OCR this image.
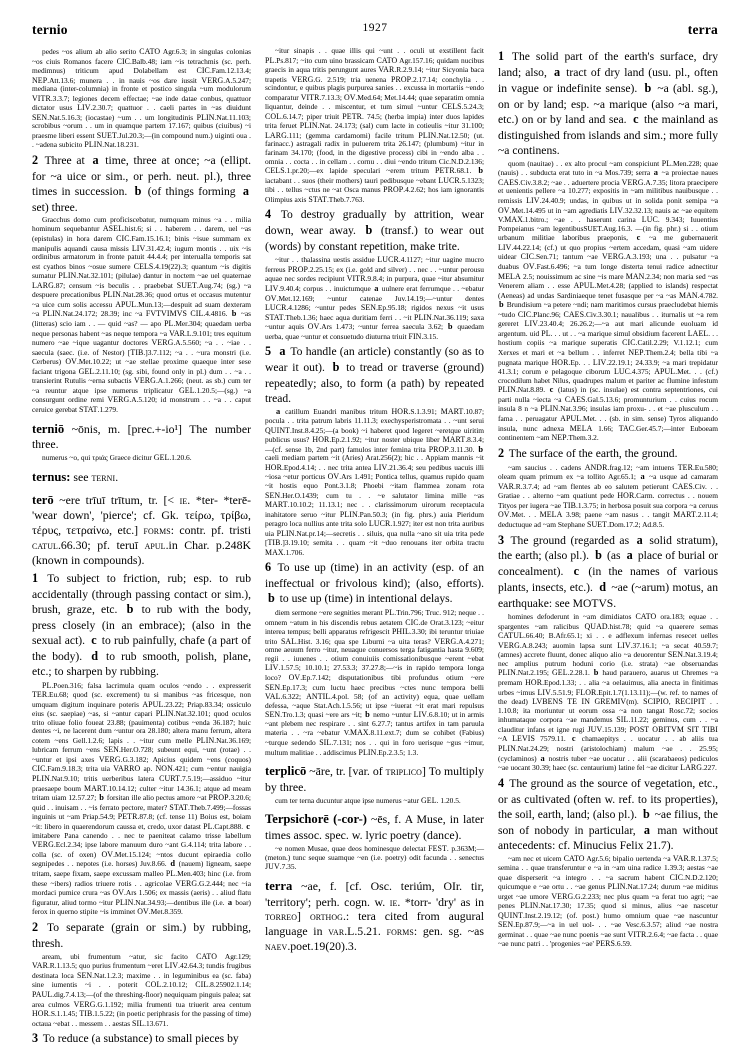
ternio	1927	terra

pedes ~os alium ab alio serito CATO Agr.6.3; in singulas colonias ~os ciuis Romanos facere CIC.Balb.48; iam ~is tetrachmis (sc. perh. medimnus) triticum apud Dolabellam est CIC.Fam.12.13.4; NEP.Att.13.6; munera . . in nauis ~os dare iussit VERG.A.5.247; mediana (inter-columnia) in fronte et postico singula ~um modulorum VITR.3.3.7; legiones decem effectae; ~ae inde datae conbus, quattuor dictator usus LIV.2.30.7; quattuor . . caeli partes in ~as diuidunt SEN.Nat.5.16.3; (iocastae) ~um . . um longitudinis PLIN.Nat.11.103; scrobibus ~orum . . um in quamque partem 17.167; quibus (ciuibus) ~i praesme liberi essent SUET.Jul.20.3;—(in compound num.) uiginti oua . . ~adena subicito PLIN.Nat.18.231.

2 Three at a time, three at once; ~a (ellipt. for ~a uice or sim., or perh. neut. pl.), three times in succession. b (of things forming a set) three.

Gracchus domo cum proficiscebatur, numquam minus ~a . . milia hominum sequebantur ASEL.hist.6; si . . haberem . . darem, uel ~as (epistulas) in hora darem CIC.Fam.15.16.1; binis ~isue summam ex manipulis aquandi causa missis LIV.31.42.4; iugum montis . . uix ~is ordinibus armatorum in fronte patuit 44.4.4; per interualla temporis sat est cyathos binos ~osue sumere CELS.4.19(22).3; quantum ~is digitis sumatur PLIN.Nat.32.101; (pilulae) dantur in noctem ~ae uel quaternae LARG.87; censum ~is beculis . . praebebat SUET.Aug.74; (sg.) ~a despuere precationibus PLIN.Nat.28.36; quod ortus et occasus mutentur ~a uice cum solis accessu APUL.Mun.13;—despuit ad suam dexteram ~a PLIN.Nat.24.172; 28.39; inc ~a FVTVIMVS CIL.4.4816. b ~as (litteras) scio iam . . — quid ~as? — apo PL.Mer.304; quaedam uerba neque personas habent ~as neque tempora ~a VAR.L.9.101; tres equitum numero ~ae ~ique uagantur doctores VERG.A.5.560; ~a . . ~iae . . saecula (saec. (i.e. of Nestor) [TIB.]3.7.112; ~a . . ~ura monstri (i.e. Cerberus) OV.Met.10.22; ut ~ae stellae proxime quaeque inter sese faciant trigona GEL.2.11.10; (sg. sibi, found only in pl.) dum . . ~a . . transierint Rutulis ~erna subactis VERG.A.1.266; (neut. as sb.) cum ter ~a reuntur atque ipse numerus triplicatur GEL.1.20.5;—(sg.) ~a consurgunt ordine remi VERG.A.5.120; id monstrum . . ~a . . caput ceruice gerebat STAT.1.279.

terniō ~ōnis, m. [prec.+-io¹] The number three.

numerus ~o, qui τριάς Graece dicitur GEL.1.20.6.

ternus: see TERNI.

terō ~ere trīuī trītum, tr. [< IE. *ter- *terē- 'wear down', 'pierce'; cf. Gk. τείρω, τρίβω, τέρυς, τετραίνω, etc.] FORMS: contr. pf. tristi CATUL.66.30; pf. teruī APUL.in Char. p.248K (known in compounds).

1 To subject to friction, rub; esp. to rub accidentally (through passing contact or sim.), brush, graze, etc. b to rub with the body, press closely (in an embrace); (also in the sexual act). c to rub painfully, chafe (a part of the body). d to rub smooth, polish, plane, etc.; to sharpen by rubbing.

PL.Poen.316; falsa lacrimula quam oculos ~endo . . expresserit TER.Eu.68; quod (sc. excrement) tu si manibus ~as fricesque, non umquam digitum inquinare poteris APUL.23.22; Priap.83.34; ossiculo eius (sc. saepiae) ~as, si ~antur capari PLIN.Nat.32.101; quod oculos trito oliuae folio foueat 23.88; (pauimenta) cotibus ~enda 36.187; huic dentes ~i, ne lacerent dum ~untur ora 28.180; altera manu ferrum, altera cotem ~ens Gell.1.2.6; lapis . . ~itur cum melle PLIN.Nat.36.169; lubricam ferrum ~ens SEN.Her.O.728; subeunt equi, ~unt (rotae) . . ~untur et ipsi axes VERG.G.3.182; Apicius quidem ~ens (coquos) CIC.Fam.9.18.3; trita uia VARRO ap. NON.421; cum ~entur nauigia PLIN.Nat.9.10; tritis uerberibus latera CURT.7.5.19;—assiduo ~itur praesaepe boum MART.10.14.12; culter ~itur 14.36.1; atque ad meam tritam uiam 12.57.27; b forsitan ille alio pectus amore ~at PROP.3.20.6; quid . . inuisam . . ~is ferrato pectore, mater? STAT.Theb.7.499;—fossas inguinis ut ~am Priap.54.9; PETR.87.8; (cf. tense 11) Boius est, boiam ~it: libero in quaerendorum caussa et, credo, uxor datast PL.Capt.888. c imitabere Pana canendo . . nec te paeniteat calamo trisse labellum VERG.Ecl.2.34; ipse labore manuum duro ~ant G.4.114; trita labore . . colla (sc. of oxen) OV.Met.15.124; ~ntos ducunt epiraedia collo segnipedes . . nepotes (i.e. horses) Juv.8.66. d (nauem) ligneam, saepe tritam, saepe fixam, saepe excussam malleo PL.Men.403; hinc (i.e. from these ~ibers) radios triuere rotis . . agricolae VERG.G.2.444; nec ~ia mordaci pumice crura ~as OV.Ars 1.506; ex massis (aeris) . . aliud flatu figuratur, aliud tormo ~itur PLIN.Nat.34.93;—dentibus ille (i.e. a boar) ferox in querno stipite ~is imminet OV.Met.8.359.

2 To separate (grain or sim.) by rubbing, thresh.

aream, ubi frumentum ~atur, sic facito CATO Agr.129; VAR.R.1.13.5; quo purius frumentum ~eret LIV.42.64.3; tundis frugibus destinata loca SEN.Nat.1.2.3; maxime . . in leguminibus ea (sc. faba) sine iumentis ~i . . poterit COL.2.10.12; CIL.8.25902.1.14; PAUL.dig.7.4.13;—(of the threshing-floor) nequiquam pinguis palea; sat area culmos VERG.G.1.192; milia frumenti tua triuerit area centum HOR.S.1.1.45; TIB.1.5.22; (in poetic periphrasis for the passing of time) octaua ~ebat . . messem . . aestas SIL.13.671.

3 To reduce (a substance) to small pieces by

~itur sinapis . . quae illis qui ~unt . . oculi ut exstillent facit PL.Ps.817; ~ito cum uino brassicam CATO Agr.157.16; quidam nucibus graecis in aqua tritis perungunt aures VAR.R.2.9.14; ~itur Sicyonia baca trapetis VERG.G. 2.519; tria uenena PROP.2.17.14; conchylia . . scindontur, e quibus plagis purpurea sanies . . excussa in mortariis ~endo comparatur VITR.7.13.3; OV.Med.64; Met.14.44; quae separatim omnia liquantur, deinde . . miscentur, et tum simul ~untur CELS.5.24.3; COL.6.14.7; piper triuit PETR. 74.5; (herba impia) inter duos lapides trita feruet PLIN.Nat. 24.173; (sal) cum lacte in cotieulis ~itur 31.100; LARG.111; (gemma cardamomi) facile tritum PLIN.Nat.12.50; (ut. farinacc.) astragali radix in puluerem trita 26.147; (plumbum) ~itur in farinam 34.170; (food, in the digestive process) cibi in ~endo alba . . omnia . . cocta . . in cellam . . cornu . . diui ~endo tritum Cic.N.D.2.136; CELS.1.pr.20;—ex lapide speculari ~erem tritum PETR.68.1. b iactabant . . suos (their mothers) tauri pedibusque ~ebant LUCR.5.1323; tibi . . tellus ~ctus ne ~at Osca manus PROP.4.2.62; hos iam ignorantis Olimpius axis STAT.Theb.7.763.

4 To destroy gradually by attrition, wear down, wear away. b (transf.) to wear out (words) by constant repetition, make trite.

~itur . . thalassina uestis assidue LUCR.4.1127; ~itur uagine mucro ferreus PROP.2.25.15; ex (i.e. gold and silver) . . nec . . ~untur perousu aquae nec sordes recipiunt VITR.9.8.4; in purpura, quae ~itur absumitur LIV.9.40.4; corpus . . inuictumque a uulnere erat ferrumque . . ~ebatur OV.Met.12.169; ~untur catenae Juv.14.19;—~untur dentes LUCR.4.1286; ~untur pedes SEN.Ep.95.18; rigidos nexus ~it usus STAT.Theb.1.36; haec aqua duritiam ferri . . ~it PLIN.Nat.36.119; saxa ~untur aquis OV.Ars 1.473; ~untur ferrea saecula 3.62; b quaedam uerba, quae ~untur et consuetudo diuturna triuit FIN.3.15.

5 a To handle (an article) constantly (so as to wear it out). b to tread or traverse (ground) repeatedly; also, to form (a path) by repeated tread.

a catillum Euandri manibus tritum HOR.S.1.3.91; MART.10.87; pocula . . trita patrum labris 11.11.3; exechysperistromata . . ~unt serui QUINT.Inst.8.4.25;—(a book) ~i haberet quod legeret ~eretque uiritim publicus usus? HOR.Ep.2.1.92; ~itur noster ubique liber MART.8.3.4;—(cf. sense 1b, 2nd part) famulos inter femina trita PROP.3.11.30. b caeli mediam partem ~it (Aries) Arat.256(2); hic . . Appiam mannis ~it HOR.Epod.4.14; . . nec trita antea LIV.21.36.4; seu pedibus uacuis illi ~iosa ~etur porticus OV.Ars 1.491; Pontica tellus, quamus rupido quam ~it hostis equo Pont.3.1.8; Phoebi ~itam flammea zonam rota SEN.Her.O.1439; cum tu . . ~e salutator limina mille ~as MART.10.10.2; 11.13.1; nec . . clarissimorum uirorum receptacula inahitatore seruo ~itur PLIN.Pan.50.3; (in fig. phrs.) auia Pieridum peragro loca nullius ante trita solo LUCR.1.927; iter est non trita auribus uia PLIN.Nat.pr.14;—secretis . . siluis, qua nulla ~ano sit uia trita pede [TIB.]3.19.10; semita . . quam ~it ~duo renouans iter orbita tractu MAX.1.706.

6 To use up (time) in an activity (esp. of an ineffectual or frivolous kind); (also, efforts). b to use up (time) in intentional delays.

diem sermone ~ere segnities merant PL.Trin.796; Truc. 912; neque . . omnem ~atum in his discendis rebus aetatem CIC.de Orat.3.123; ~eitur interea tempus; belli apparatus refrigescit PHIL.3.30; ibi teruntur triuiae trito SAL.Hist. 3.16; qua spe Liburni ~a uita teras? VERG.A.4.271; omne aeuum ferro ~itur, neuaque conuersos terga fatigantia hasta 9.609; regii . . iuuenes . . otium conuiuiis comissationibusque ~erent ~ebat LIV.1.57.5; 10.10.1; 27.53.3; 37.27.8;—~is in rapido tempora longa loco? OV.Ep.7.142; disputationibus tibi profundus otium ~ere SEN.Ep.17.3; cum luctu haec precibus ~ctes nunc tempora belli VAL.6.322; ANTIL.4.pol. 58; (of an activity) equa, quae uellam defessa, ~aque Stat.Ach.1.5.56; ut ipse ~iuerat ~it erat mari repulsus SEN.Tro.1.3; quasi ~ere ars ~it; b nemo ~untur LIV.6.8.10; ut in armis ~ant plebem nec respirare . . sint 6.27.7; tantus artifex in tam paruula materia . . ~ra ~ebatur V.MAX.8.11.ext.7; dum se cohibet (Fabius) ~turque sedendo SIL.7.131; nos . . qui in foro uerisque ~gus ~imur, multum malitiae . . addiscimus PLIN.Ep.2.3.5; 1.3.

terplicō ~āre, tr. [var. of TRIPLICO] To multiply by three.

cum ter terna ducuntur atque ipse numerus ~atur GEL. 1.20.5.

Terpsichorē (-cor-) ~ēs, f. A Muse, in later times assoc. spec. w. lyric poetry (dance).

~e nomen Musae, quae deos hominesque delectat FEST. p.363M;—(meton.) tunc seque suamque ~en (i.e. poetry) odit facunda . . senectus JUV.7.35.

terra ~ae, f. [cf. Osc. teriúm, OIr. tir, 'territory'; perh. cogn. w. IE. *torr- 'dry' as in TORREO] ORTHOG.: tera cited from augural language in VAR.L.5.21. FORMS: gen. sg. ~as NAEV.poet.19(20).3.

1 The solid part of the earth's surface, dry land; also, a tract of dry land (usu. pl., often in vague or indefinite sense). b ~a (abl. sg.), on or by land; esp. ~a marique (also ~a mari, etc.) on or by land and sea. c the mainland as distinguished from islands and sim.; more fully ~a continens.

quom (nauitae) . . ex alto procul ~am conspiciunt PL.Men.228; quae (nauis) . . subducta erat tuto in ~a Mos.739; serra a ~a proiectae naues CAES.Civ.3.8.2; ~ae . . aduertere procia VERG.A.7.35; litora praecipere et uenientis pellere ~a 10.277; expositis in ~am militibus nauibusque . . remissis LIV.24.40.9; undas, in quibus ut in solida ponit semipa ~a OV.Met.14.495 ut in ~am agrediatis LIV.32.32.13; nauis ac ~ae equitem V.MAX.1.bitro.; ~ae . . haserunt carina LUC. 9.343; Iuuentius Pompeianus ~am legentibusSUET.Aug.16.3. —(in fig. phr.) si . . otium urbanum militiae laboribus praeponis, c ~a me gubernauerit LIV.44.22.14; (cf.) ut quo propius ~ertem accedam, quasi ~am uidere uidear CIC.Sen.71; tantum ~ae VERG.A.3.193; una . . pulsatur ~a duabus OV.Fast.6.496; ~a tum longe disterta tenui radice adnectitur MELA 2.5; nouissimum ac sine ~is mare MAN.2.34; non maria sed ~as Venerem aliam . . esse APUL.Met.4.28; (applied to islands) respectat (Aeneas) ad undas Sardiniaeque tenet fusasque per ~a ~as MAN.4.782. b Brundisium ~a petere ~ndi; nam maritimos cursus praecludebat hiemis ~tudo CIC.Planc.96; CAES.Civ.3.30.1; naualibus . . iturnalis ut ~a rem gereret LIV.23.40.4; 26.26.2;—~a aut mari alicunde euoluam id argentum. uid PL. . . ut . . ~a marique simul obsidium facerent LAEL. . . hostium copiis ~a marique superatis CIC.Catil.2.29; V.1.12.1; cum Xerxes et mari et ~a bellum . . inferret NEP.Them.2.4; bella tibi ~a pugnata marique HOR.Ep. . . LIV.22.19.1; 24.33.9; ~a mari trepidatur 41.3.1; corum e pelagoque ciborum LUC.4.375; APUL.Met. . . (cf.) crocodilum habet Nilus, quadrupes malum et pariter ac flumine infestum PLIN.Nat.8.89. c (latus) in (sc. insulae) est contra septentriones, cui parti nulla ~iecta ~a CAES.Gal.5.13.6; promunturium . . cuius rocum insula 8 n ~a PLIN.Nat.3.96; insulas iam proxu- . . et ~ae plusculum . . fama . . peruagatur APUL.Met. . . (sb. in sim. sense) Tyros aliquando insula, nunc adnexa MELA 1.66; TAC.Ger.45.7;—inter Euboeam continentem ~am NEP.Them.3.2.

2 The surface of the earth, the ground.

~am saucius . . cadens ANDR.frag.12; ~am intuens TER.Eu.580; oleam quam primum ex ~a tollito Agr.65.1; a ~a usque ad camaram VAR.R.3.7.4; ad ~am flentes ab eo salutem petierunt CAES.Civ. . . Gratiae . . alterno ~am quatiunt pede HOR.Carm. correctus . . nouem Tityos per iugera ~ae TIB.1.3.75; in herbosa posuit sua corpora ~a ceruus OV.Met. . . MELA 3.98; paene ~am nasus . . tangit MART.2.11.4; deductuque ad ~am Stephane SUET.Dom.17.2; Ad.8.5.

3 The ground (regarded as a solid stratum), the earth; (also pl.). b (as a place of burial or concealment). c (in the names of various plants, insects, etc.). d ~ae (~arum) motus, an earthquake: see MOTVS.

homines defoderunt in ~am dimidiatos CATO ora.183; equae . . spargentes ~am ralicibus QUAD.hist.78; quid ~a quaerere semas CATUL.66.40; B.Afr.65.1; xi . . e adflexum infernas resecet uelles VERG.A.8.243; auomin lapsa sunt LIV.37.16.1; ~a secat 40.59.7; (amnes) accrete fluunt, donec aliquo alio ~a deuorentur SEN.Nat.3.19.4; nec amplius putrum hoduni corio (i.e. strata) ~ae obseruandas PLIN.Nat.2.195; GEL.2.28.1. b haud parauero, auarus ut Chremes ~a premam HOR.Epod.1.33; . . alia ~a oelauimus, alia anecta in finitimas urbes ~imus LIV.5.51.9; FLOR.Epit.1.7(1.13.11);—(w. ref. to names of the dead) LVBENS TE IN GREMIV(m). SCIPIO, RECIPIT . . 1.10.8; ita moriuntur ut eorum ossa ~a non tangat Rosc.72; socios inhumataque corpora ~ae mandemus SIL.11.22; geminus, cum . . ~a clauditur infans et igne rugi JUV.15.139; POST OBITVM SIT TIBI ~A LEVIS 7579.11. c chamaepitys . . uocatur . . ab aliis tua PLIN.Nat.24.29; nostri (aristolochiam) malum ~ae . . 25.95; (cyclaminos) a nostris tuber ~ae uocatur . . alii (scarabaeos) pediculos ~ae uocant 30.39; haec (sc. centaurium) latine fel ~ae dicitur LARG.227.

4 The ground as the source of vegetation, etc., or as cultivated (often w. ref. to its properties), the soil, earth, land; (also pl.). b ~ae filius, the son of nobody in particular, a man without antecedents: cf. Minucius Felix 21.7).

~am nec et uicem CATO Agr.5.6; bipalio uertenda ~a VAR.R.1.37.5; semina . . quae transferuntur e ~a in ~am uina radice 1.39.3; aestas ~ae quae disperserit ~a integro . . ~a sacrum habent CIC.N.D.2.120; quicumque e ~ae ortu . . ~ae genus PLIN.Nat.17.24; durum ~ae miditus urget ~ae umore VERG.G.2.233; nec plus quam ~a ferat tuo agri; ~ae penes PLIN.Nat.17.30; 17.35; quod si minus, alius ~ae nascetur QUINT.Inst.2.19.12; (of. post.) humo omnium quae ~ae nascuntur SEN.Ep.87.9;—~a in uel uol- . . ~ae Vesc.6.3.57; aliud ~ae nostra germinat . . quae ~ae nunc poenis ~ae sunt VITR.2.6.4; ~ae facta . . quae ~ae nunc patri . . 'progenies ~ae' PERS.6.59.
